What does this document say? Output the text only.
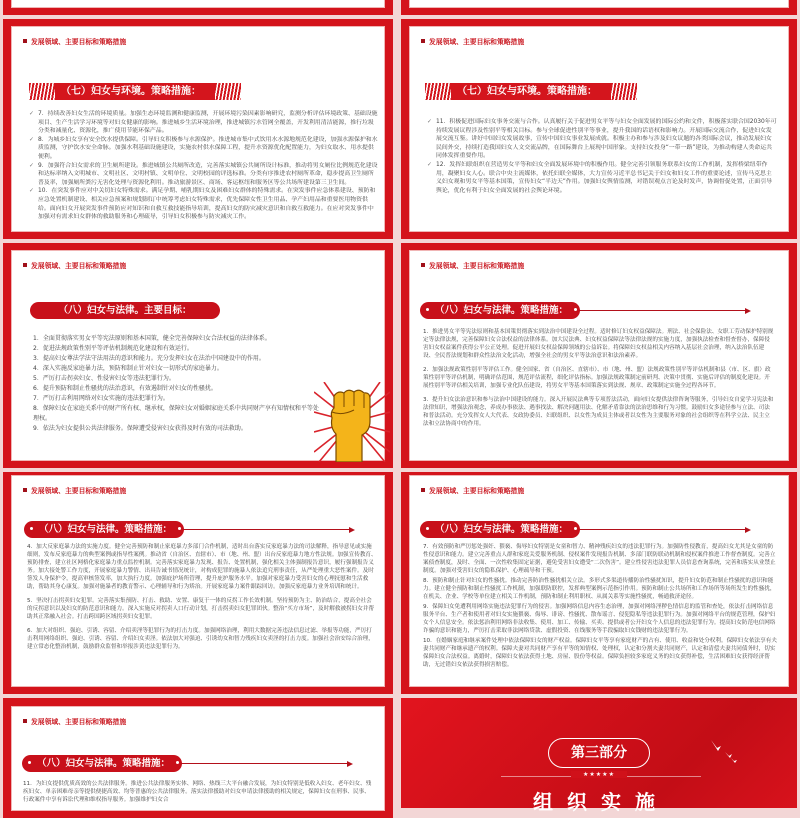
发展领域、主要目标和策略措施
（七）妇女与环境。策略措施：

✓ 7．持续改善妇女生活的环境质量。加强生态环境监测和健康监测，开展环境污染因素影响研究，监测分析评估环境政策、基础设施项目、生产生活学习环境等对妇女健康的影响。推进城乡生活环境治理，推进城镇污水管网全覆盖，开发利用清洁能源，推行垃圾分类和减量化、资源化，推广使用节能环保产品。

✓ 8．为城乡妇女享有安全饮水提供保障。引导妇女积极参与水源保护。推进城市集中式饮用水水源地规范化建设，加强水源保护和水质监测，守护饮水安全命脉。加强水利基础设施建设，实施农村供水保障工程，提升水资源优化配置能力，为妇女取水、用水提供便利。

✓ 9．加强符合妇女需求的卫生厕所建设。推进城镇公共厕所改造，完善落实城镇公共厕所设计标准，推动将男女厕位比例规范化建设和达标率纳入文明城市、文明社区、文明村镇、文明单位、文明校园的评选标准。分类有序推进农村厕所革命，稳步提高卫生厕所普及率，加强厕所粪污无害化处理与资源化利用。推动旅游景区、商场、客运枢纽和服务区等公共场所建设第三卫生间。

✓ 10．在突发事件应对中关切妇女特殊需求。满足孕期、哺乳期妇女及困难妇女群体的特殊需求。在突发事件应急体系建设、预防和应急处置机制建设、相关应急预案和规划制订中统筹考虑妇女特殊需求，优先保障女性卫生用品、孕产妇用品和重要医用物资供给。面向妇女开展突发事件预防应对知识和自救互救技能指导培训，提高妇女的防灾减灾意识和自救互救能力。在应对突发事件中加强对有需求妇女群体的救助服务和心理疏导，引导妇女积极参与防灾减灾工作。

发展领域、主要目标和策略措施
（七）妇女与环境。策略措施：

✓ 11．积极促进国际妇女事务交流与合作。认真履行关于促进男女平等与妇女全面发展的国际公约和文件，积极落实联合国2030年可持续发展议程涉及性别平等相关目标。参与全球促进性别平等事业，提升我国的话语权和影响力。开展国际交流合作，促进妇女发展交流互鉴。讲好中国妇女发展故事，宣传中国妇女事业发展成就。积极主办和参与涉及妇女议题的各类国际会议，推动发展妇女民间外交，持续打造我国妇女人文交流品牌，在国际舞台上展现中国形象。支持妇女投身“一带一路”建设，为推动构建人类命运共同体发挥重要作用。

✓ 12．发挥妇联组织在营造男女平等和妇女全面发展环境中的积极作用。健全完善引领服务联系妇女的工作机制，发挥桥梁纽带作用，凝聚妇女人心。联合中央主流媒体，依托妇联全媒体，大力宣传习近平总书记关于妇女和妇女工作的重要论述，宣传马克思主义妇女观和男女平等基本国策，宣传妇女“半边天”作用。加强妇女舆情监测，对错误观点言论及时发声，协调督促处置，正面引导舆论，优化有利于妇女全面发展的社会舆论环境。

发展领域、主要目标和策略措施
（八）妇女与法律。主要目标：

1．全面贯彻落实男女平等宪法原则和基本国策，健全完善保障妇女合法权益的法律体系。

2．促进法规政策性别平等评估机制规范化建设和有效运行。

3．提高妇女尊法学法守法用法的意识和能力。充分发挥妇女在法治中国建设中的作用。

4．深入实施反家庭暴力法，预防和制止针对妇女一切形式的家庭暴力。

5．严厉打击拐卖妇女、性侵害妇女等违法犯罪行为。

6．提升预防和制止性骚扰的法治意识，有效遏制针对妇女的性骚扰。

7．严厉打击利用网络对妇女实施的违法犯罪行为。

8．保障妇女在家庭关系中的财产所有权、继承权，保障妇女对婚姻家庭关系中共同财产享有知情权和平等处理权。

9．依法为妇女提供公共法律服务。保障遭受侵害妇女获得及时有效的司法救助。

发展领域、主要目标和策略措施
（八）妇女与法律。策略措施：

1．推进男女平等宪法原则和基本国策贯彻落实到法治中国建设全过程。适时修订妇女权益保障法。刑法、社会保险法、女职工劳动保护特别规定等法律法规，完善保障妇女合法权益的法律体系。加大民法典、妇女权益保障法等法律法规的实施力度，加强执法检查和督查督办，保障侵害妇女权益案件获得公平公正处理。促进开展妇女权益保障领域的公益诉讼。将保障妇女权益相关内容纳入基层社会治理，纳入法治队伍建设、全民普法规划和群众性法治文化活动，增强全社会的男女平等法治意识和法治素养。

2．加强法规政策性别平等评估工作。健全国家、省（自治区、直辖市）、市（地、州、盟）法规政策性别平等评估机制和县（市、区、旗）政策性别平等评估机制，明确评估范围，规范评估流程，细化评估指标。加强法规政策制定前研判、决策中贯彻、实施后评估的制度化建设。开展性别平等评估相关培训，加强专业化队伍建设，将男女平等基本国策落实到法规、规章、政策制定实施全过程各环节。

3．提升妇女法治意识和参与法治中国建设的能力。深入开展民法典等专项普法活动，面向妇女提供法律咨询等服务，引导妇女自觉学习宪法和法律知识，增强法治观念，养成办事依法、遇事找法、解决问题用法、化解矛盾靠法的法治思维和行为习惯。鼓励妇女多途径参与立法、司法和普法活动。充分发挥女人大代表、女政协委员、妇联组织、以女性为成员主体或者以女性为主要服务对象的社会组织等在科学立法、民主立法和立法协商中的作用。

发展领域、主要目标和策略措施
（八）妇女与法律。策略措施：

4．加大反家庭暴力法的实施力度。健全完善预防和制止家庭暴力多部门合作机制，适时出台落实反家庭暴力法的司法解释，指导意见或实施细则，发布反家庭暴力的典型案例或指导性案例。推动省（自治区、直辖市）、市（地、州、盟）出台反家庭暴力地方性法规。加强宣传教育、预防排查，建立社区网格化家庭暴力重点监控机制。完善落实家庭暴力发现、报告、处置机制，强化相关主体强制报告意识，履行强制报告义务。加大接处警工作力度，开展家庭暴力警情、出具告诫书情况统计，对构成犯罪的施暴人依法追究刑事责任，从严处理重大恶性案件。及时签发人身保护令，提高审核签发率，加大执行力度。加强庇护场所管理，提升庇护服务水平。加强对家庭暴力受害妇女的心理抚慰和生活救助，帮助其身心康复。加强对施暴者的教育警示、心理辅导和行为矫治。开展家庭暴力案件跟踪回访。加强反家庭暴力业务培训和统计。

5．坚决打击拐卖妇女犯罪。完善落实集预防、打击、救助、安置、康复于一体的反拐工作长效机制。坚持预防为主、防治结合，提高全社会的反拐意识以及妇女的防范意识和能力。深入实施反对拐卖人口行动计划，打击拐卖妇女犯罪团伙。整治“买方市场”，及时解救被拐妇女并帮助其正常融入社会。打击跨国跨区域拐卖妇女犯罪。

6．加大对组织、强迫、引诱、容留、介绍卖淫等犯罪行为的打击力度。加强网络治理，利用大数据完善违法信息过滤、举报等功能，严厉打击利用网络组织、强迫、引诱、容留、介绍妇女卖淫。依法加大对强迫、引诱幼女和智力残疾妇女卖淫的打击力度。加强社会治安综合治理，建立常态化整治机制，鼓励群众监督和举报涉黄违法犯罪行为。

发展领域、主要目标和策略措施
（八）妇女与法律。策略措施：

7．有效预防和严厉惩处强奸、猥亵、侮辱妇女特别是女童和智力、精神残疾妇女的违法犯罪行为。加强防性侵教育，提高妇女尤其是女童的防性侵意识和能力。建立完善重点人群和家庭关爱服务机制、侵权案件发现报告机制、多部门联防联动机制和侵权案件推进工作督查制度。完善立案侦查制度，及时、全面、一次性收集固定证据，避免受害妇女遭受“二次伤害”。建立性侵害违法犯罪人员信息查询系统，完善和落实从业禁止制度。加强对受害妇女的隐私保护、心理疏导和干预。

8．预防和制止针对妇女的性骚扰。推动完善防治性骚扰相关立法。多形式多渠道传播防治性骚扰知识，提升妇女防范和制止性骚扰的意识和能力。建立健全预防和制止性骚扰工作机制，加强联防联控，发挥典型案例示范指引作用。预防和制止公共场所和工作场所等场所发生的性骚扰，在机关、企业、学校等单位建立相关工作机制，预防和制止利用职权、从属关系等实施性骚扰，畅通救济途径。

9．保障妇女免遭利用网络实施违法犯罪行为的侵害。加强网络信息内容生态治理，加强对网络淫秽色情信息的监管和查处，依法打击网络信息服务平台、生产者和使用者对妇女实施猥亵、侮辱、诽谤、性骚扰、散布谣言、侵犯隐私等违法犯罪行为。加强对网络平台的规范管理，保护妇女个人信息安全。依法惩治利用网络非法收集、使用、加工、传输、买卖、提供或者公开妇女个人信息的违法犯罪行为。提高妇女防范电信网络诈骗的意识和能力，严厉打击采取非法网络贷款、虚假投资、在线服务等手段骗取妇女钱财的违法犯罪行为。

10．在婚姻家庭和继承案件处理中依法保障妇女的财产权益。保障妇女平等享有家庭财产的占有、使用、收益和处分权利。保障妇女依法享有夫妻共同财产和继承遗产的权利。保障夫妻对共同财产享有平等的知情权、处理权，认定和分割夫妻共同财产，认定和清偿夫妻共同债务时，切实保障妇女合法权益。离婚时，保障妇女依法获得土地、房屋、股份等权益。保障负担较多家庭义务的妇女获得补偿，生活困难妇女获得经济帮助，无过错妇女依法获得损害赔偿。

发展领域、主要目标和策略措施
（八）妇女与法律。策略措施：

11．为妇女提供优质高效的公共法律服务。推进公共法律服务实体、网络、热线三大平台融合发展，为妇女特别是低收入妇女、老年妇女、残疾妇女、单亲困难母亲等提供便捷高效、均等普惠的公共法律服务。落实法律援助对妇女申请法律援助的相关规定，保障妇女在刑事、民事、行政案件中享有诉讼代理和维权指导服务。加强维护妇女合

第三部分
★★★★★
组织实施
